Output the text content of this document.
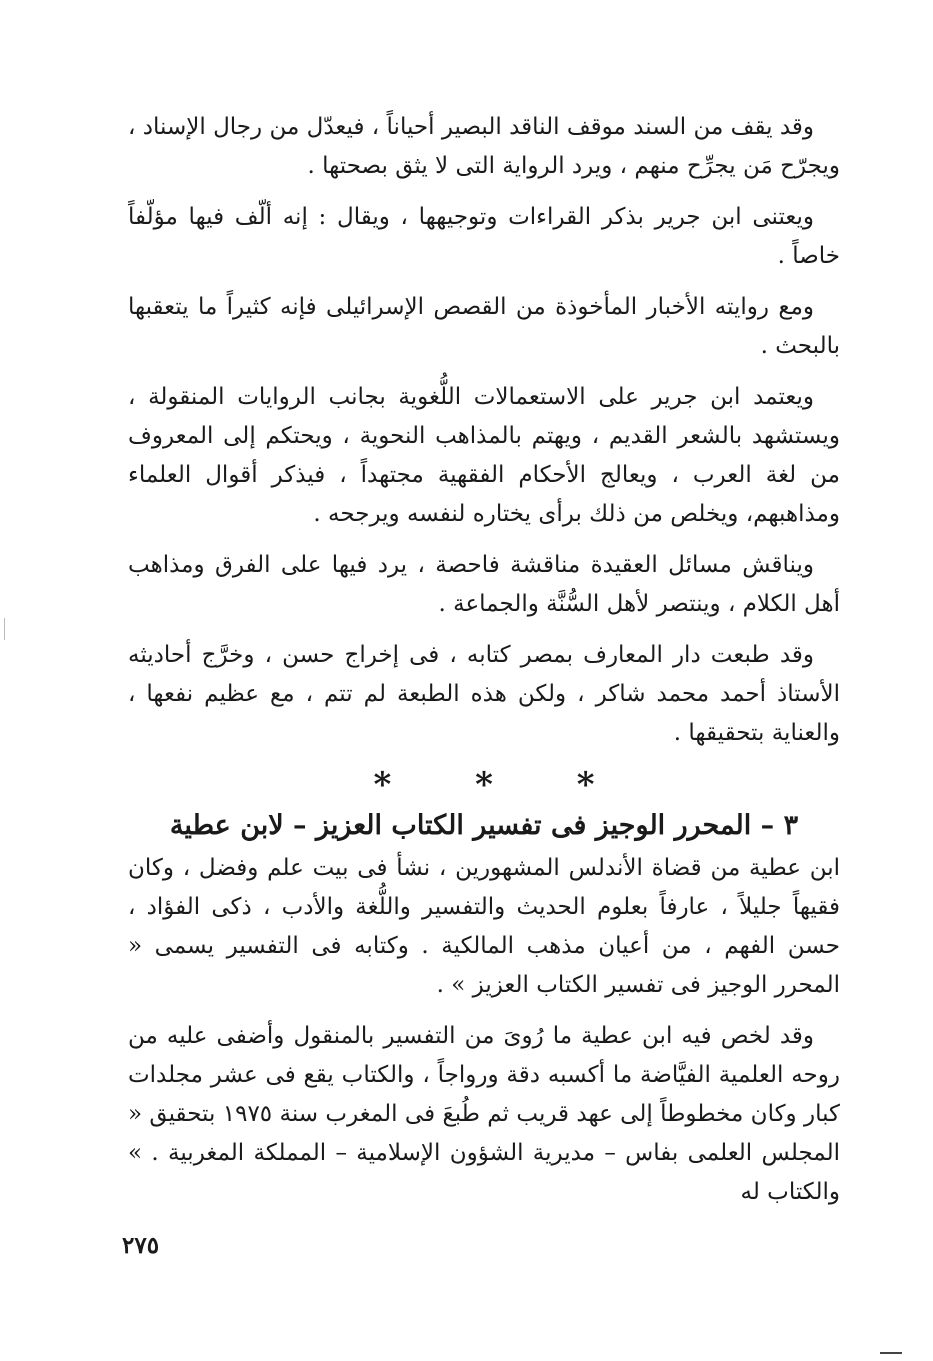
وقد يقف من السند موقف الناقد البصير أحياناً ، فيعدّل من رجال الإسناد ، ويجرّح مَن يجرِّح منهم ، ويرد الرواية التى لا يثق بصحتها .

ويعتنى ابن جرير بذكر القراءات وتوجيهها ، ويقال : إنه ألّف فيها مؤلّفاً خاصاً .

ومع روايته الأخبار المأخوذة من القصص الإسرائيلى فإنه كثيراً ما يتعقبها بالبحث .

ويعتمد ابن جرير على الاستعمالات اللُّغوية بجانب الروايات المنقولة ، ويستشهد بالشعر القديم ، ويهتم بالمذاهب النحوية ، ويحتكم إلى المعروف من لغة العرب ، ويعالج الأحكام الفقهية مجتهداً ، فيذكر أقوال العلماء ومذاهبهم، ويخلص من ذلك برأى يختاره لنفسه ويرجحه .

ويناقش مسائل العقيدة مناقشة فاحصة ، يرد فيها على الفرق ومذاهب أهل الكلام ، وينتصر لأهل السُّنَّة والجماعة .

وقد طبعت دار المعارف بمصر كتابه ، فى إخراج حسن ، وخرَّج أحاديثه الأستاذ أحمد محمد شاكر ، ولكن هذه الطبعة لم تتم ، مع عظيم نفعها ، والعناية بتحقيقها .

* * *
٣ – المحرر الوجيز فى تفسير الكتاب العزيز – لابن عطية

ابن عطية من قضاة الأندلس المشهورين ، نشأ فى بيت علم وفضل ، وكان فقيهاً جليلاً ، عارفاً بعلوم الحديث والتفسير واللُّغة والأدب ، ذكى الفؤاد ، حسن الفهم ، من أعيان مذهب المالكية . وكتابه فى التفسير يسمى « المحرر الوجيز فى تفسير الكتاب العزيز » .

وقد لخص فيه ابن عطية ما رُوىَ من التفسير بالمنقول وأضفى عليه من روحه العلمية الفيَّاضة ما أكسبه دقة ورواجاً ، والكتاب يقع فى عشر مجلدات كبار وكان مخطوطاً إلى عهد قريب ثم طُبعَ فى المغرب سنة ١٩٧٥ بتحقيق « المجلس العلمى بفاس – مديرية الشؤون الإسلامية – المملكة المغربية . » والكتاب له

٢٧٥
